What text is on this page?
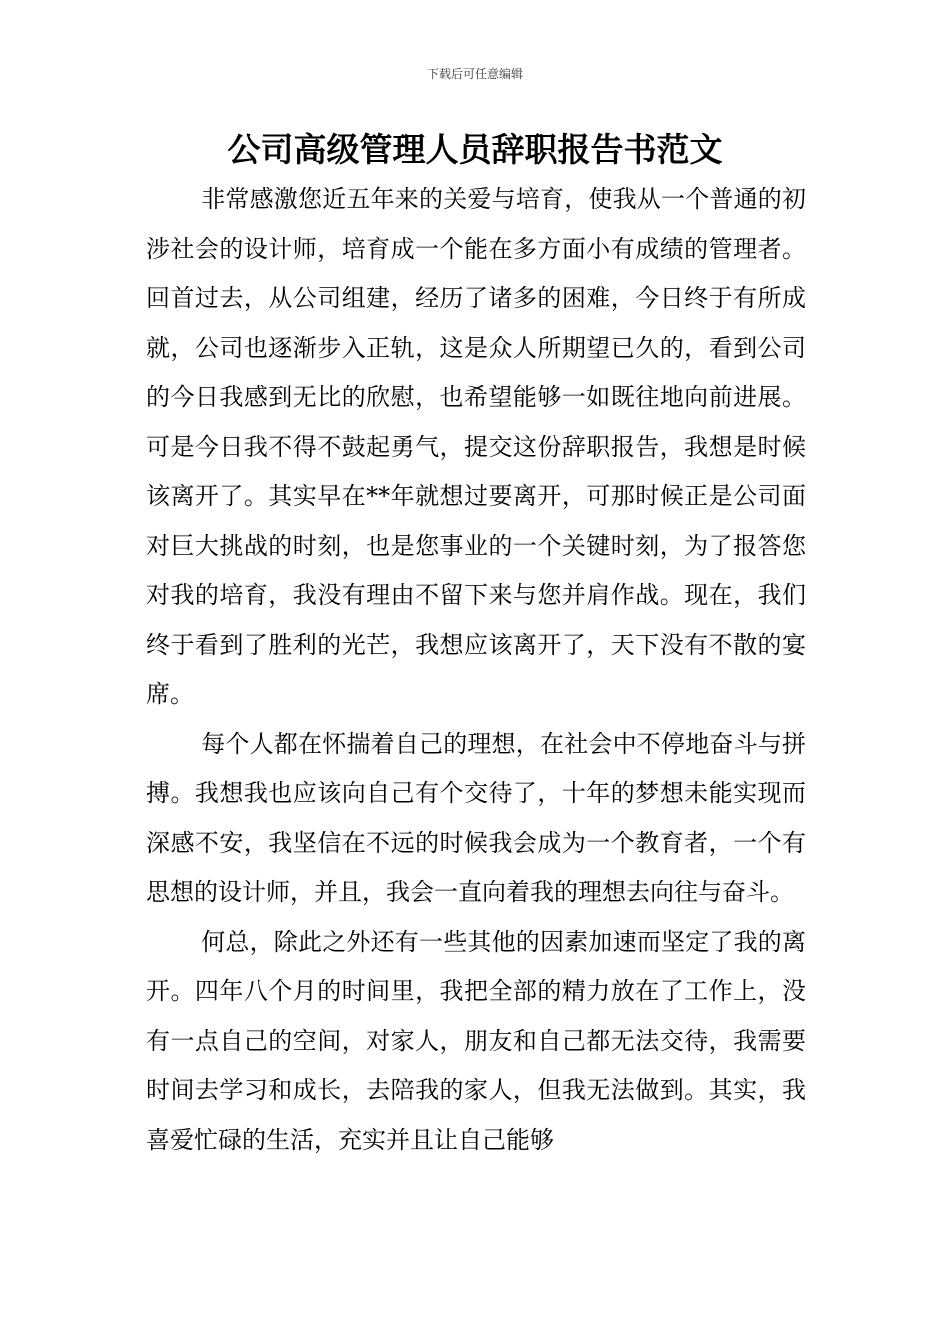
下载后可任意编辑
公司高级管理人员辞职报告书范文

非常感激您近五年来的关爱与培育，使我从一个普通的初涉社会的设计师，培育成一个能在多方面小有成绩的管理者。回首过去，从公司组建，经历了诸多的困难，今日终于有所成就，公司也逐渐步入正轨，这是众人所期望已久的，看到公司的今日我感到无比的欣慰，也希望能够一如既往地向前进展。 可是今日我不得不鼓起勇气，提交这份辞职报告，我想是时候该离开了。其实早在**年就想过要离开，可那时候正是公司面对巨大挑战的时刻，也是您事业的一个关键时刻，为了报答您对我的培育，我没有理由不留下来与您并肩作战。现在，我们终于看到了胜利的光芒，我想应该离开了，天下没有不散的宴席。

每个人都在怀揣着自己的理想，在社会中不停地奋斗与拼搏。我想我也应该向自己有个交待了，十年的梦想未能实现而深感不安，我坚信在不远的时候我会成为一个教育者，一个有思想的设计师，并且，我会一直向着我的理想去向往与奋斗。

何总，除此之外还有一些其他的因素加速而坚定了我的离开。四年八个月的时间里，我把全部的精力放在了工作上，没有一点自己的空间，对家人，朋友和自己都无法交待，我需要时间去学习和成长，去陪我的家人，但我无法做到。其实，我喜爱忙碌的生活，充实并且让自己能够
